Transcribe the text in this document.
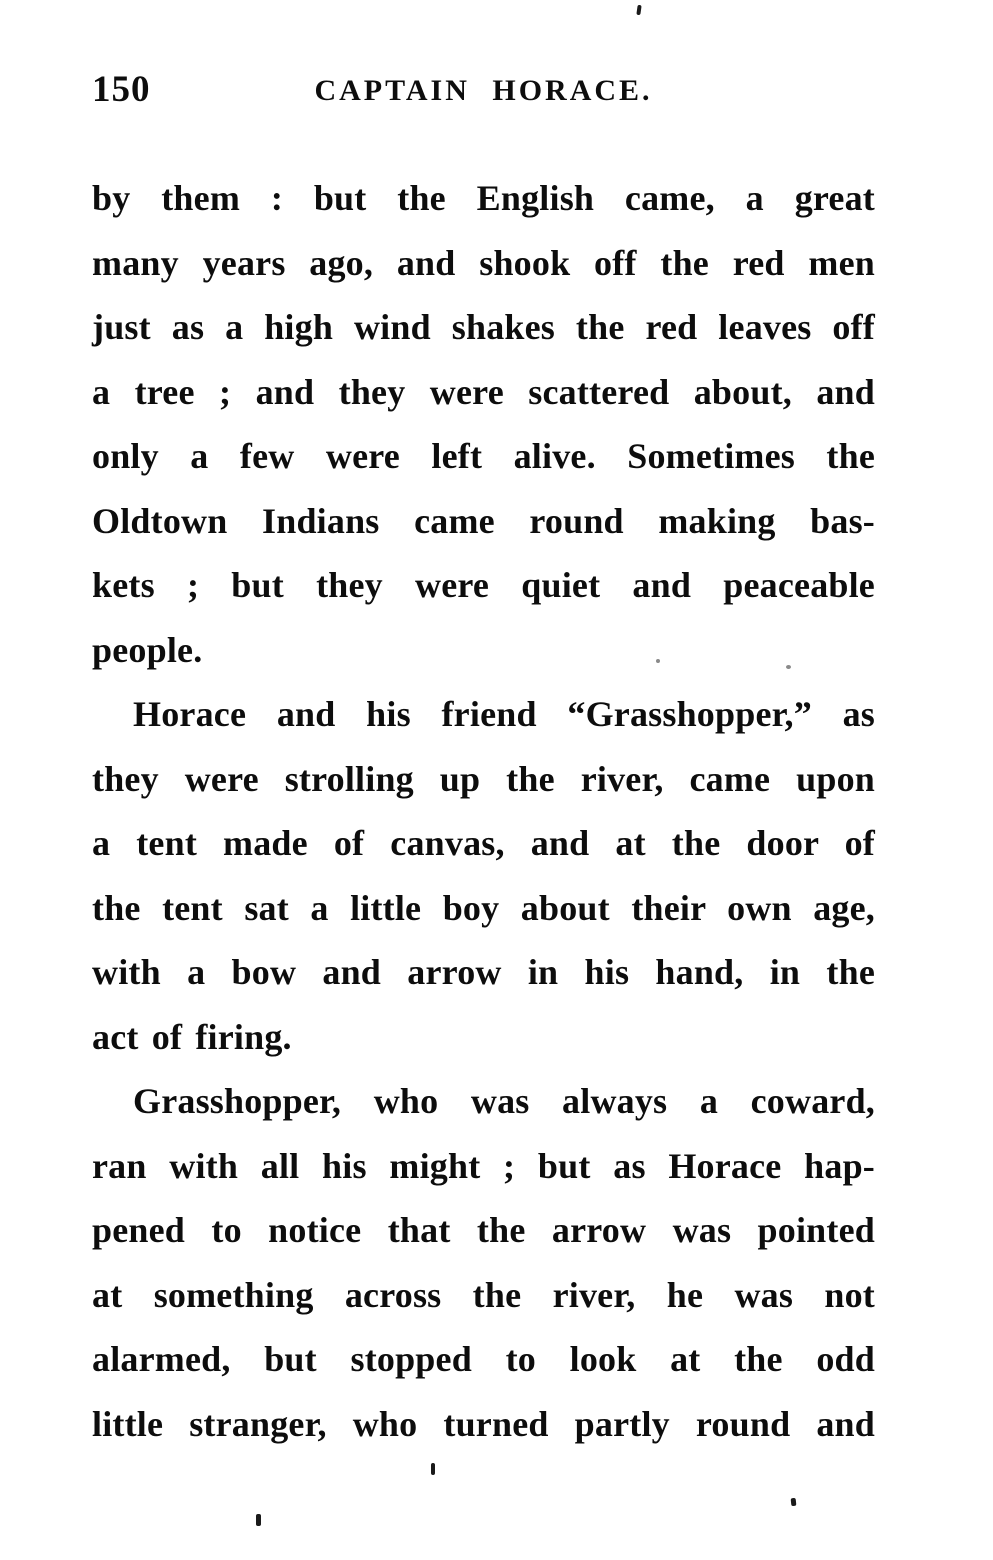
150	CAPTAIN HORACE.
by them : but the English came, a great
many years ago, and shook off the red men
just as a high wind shakes the red leaves off
a tree ; and they were scattered about, and
only a few were left alive. Sometimes the
Oldtown Indians came round making bas-
kets ; but they were quiet and peaceable
people.
Horace and his friend “Grasshopper,” as
they were strolling up the river, came upon
a tent made of canvas, and at the door of
the tent sat a little boy about their own age,
with a bow and arrow in his hand, in the
act of firing.
Grasshopper, who was always a coward,
ran with all his might ; but as Horace hap-
pened to notice that the arrow was pointed
at something across the river, he was not
alarmed, but stopped to look at the odd
little stranger, who turned partly round and
